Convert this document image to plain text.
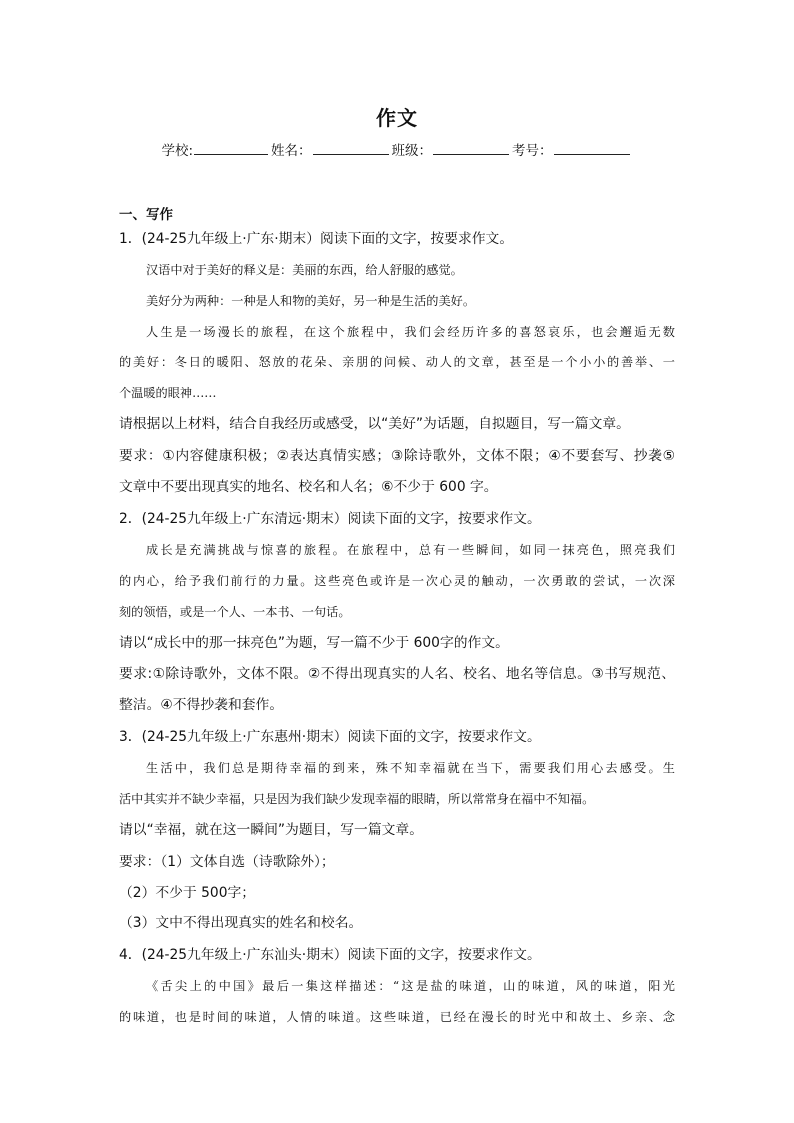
作文
学校:	姓名：	班级：	考号：
一、写作
1．(24-25九年级上·广东·期末）阅读下面的文字，按要求作文。
汉语中对于美好的释义是：美丽的东西，给人舒服的感觉。
美好分为两种：一种是人和物的美好，另一种是生活的美好。
人生是一场漫长的旅程，在这个旅程中，我们会经历许多的喜怒哀乐，也会邂逅无数
的美好：冬日的暖阳、怒放的花朵、亲朋的问候、动人的文章，甚至是一个小小的善举、一
个温暖的眼神……
请根据以上材料，结合自我经历或感受，以“美好”为话题，自拟题目，写一篇文章。
要求：①内容健康积极；②表达真情实感；③除诗歌外，文体不限；④不要套写、抄袭⑤
文章中不要出现真实的地名、校名和人名；⑥不少于 600 字。
2．(24-25九年级上·广东清远·期末）阅读下面的文字，按要求作文。
成长是充满挑战与惊喜的旅程。在旅程中，总有一些瞬间，如同一抹亮色，照亮我们
的内心，给予我们前行的力量。这些亮色或许是一次心灵的触动，一次勇敢的尝试，一次深
刻的领悟，或是一个人、一本书、一句话。
请以“成长中的那一抹亮色”为题，写一篇不少于 600字的作文。
要求:①除诗歌外，文体不限。②不得出现真实的人名、校名、地名等信息。③书写规范、
整洁。④不得抄袭和套作。
3．(24-25九年级上·广东惠州·期末）阅读下面的文字，按要求作文。
生活中，我们总是期待幸福的到来，殊不知幸福就在当下，需要我们用心去感受。生
活中其实并不缺少幸福，只是因为我们缺少发现幸福的眼睛，所以常常身在福中不知福。
请以“幸福，就在这一瞬间”为题目，写一篇文章。
要求：（1）文体自选（诗歌除外）；
（2）不少于 500字；
（3）文中不得出现真实的姓名和校名。
4．(24-25九年级上·广东汕头·期末）阅读下面的文字，按要求作文。
《舌尖上的中国》最后一集这样描述：“这是盐的味道，山的味道，风的味道，阳光
的味道，也是时间的味道，人情的味道。这些味道，已经在漫长的时光中和故土、乡亲、念
